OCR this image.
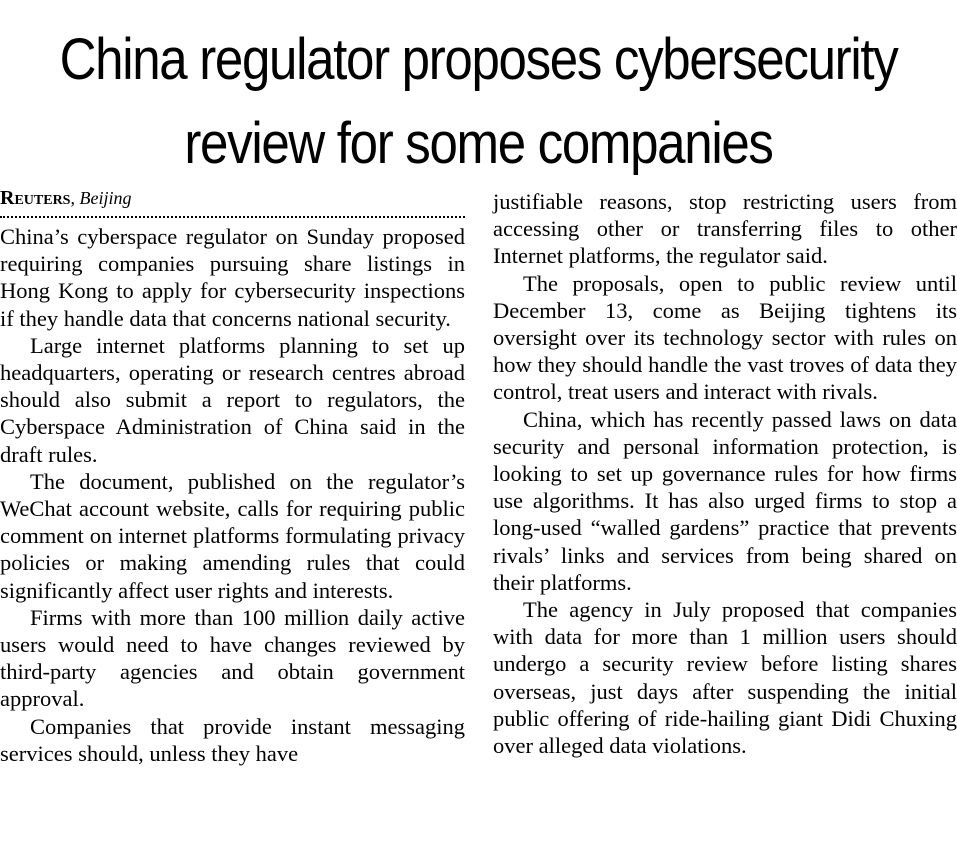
China regulator proposes cybersecurity
review for some companies
Reuters, Beijing

China’s cyberspace regulator on Sunday proposed requiring companies pursuing share listings in Hong Kong to apply for cybersecurity inspections if they handle data that concerns national security.

Large internet platforms planning to set up headquarters, operating or research centres abroad should also submit a report to regulators, the Cyberspace Administration of China said in the draft rules.

The document, published on the regulator’s WeChat account website, calls for requiring public comment on internet platforms formulating privacy policies or making amending rules that could significantly affect user rights and interests.

Firms with more than 100 million daily active users would need to have changes reviewed by third-party agencies and obtain government approval.

Companies that provide instant messaging services should, unless they have

justifiable reasons, stop restricting users from accessing other or transferring files to other Internet platforms, the regulator said.

The proposals, open to public review until December 13, come as Beijing tightens its oversight over its technology sector with rules on how they should handle the vast troves of data they control, treat users and interact with rivals.

China, which has recently passed laws on data security and personal information protection, is looking to set up governance rules for how firms use algorithms. It has also urged firms to stop a long-used “walled gardens” practice that prevents rivals’ links and services from being shared on their platforms.

The agency in July proposed that companies with data for more than 1 million users should undergo a security review before listing shares overseas, just days after suspending the initial public offering of ride-hailing giant Didi Chuxing over alleged data violations.
